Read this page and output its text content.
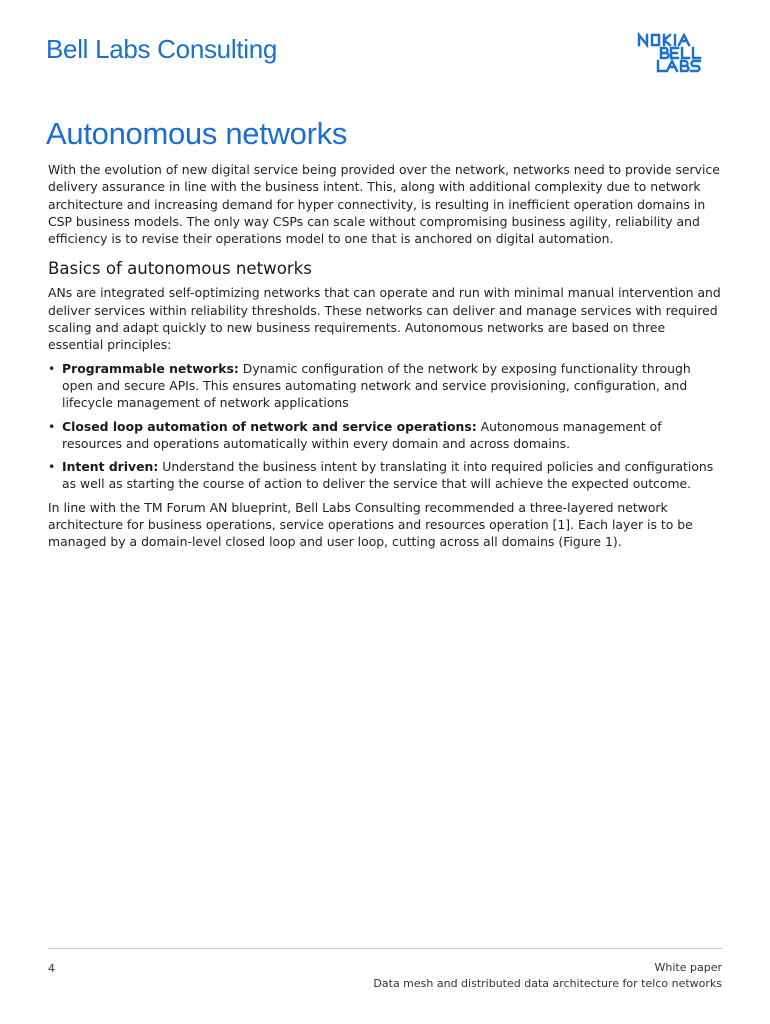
Bell Labs Consulting
Autonomous networks

With the evolution of new digital service being provided over the network, networks need to provide service delivery assurance in line with the business intent. This, along with additional complexity due to network architecture and increasing demand for hyper connectivity, is resulting in inefficient operation domains in CSP business models. The only way CSPs can scale without compromising business agility, reliability and efficiency is to revise their operations model to one that is anchored on digital automation.

Basics of autonomous networks

ANs are integrated self-optimizing networks that can operate and run with minimal manual intervention and deliver services within reliability thresholds. These networks can deliver and manage services with required scaling and adapt quickly to new business requirements. Autonomous networks are based on three essential principles:

• Programmable networks: Dynamic configuration of the network by exposing functionality through open and secure APIs. This ensures automating network and service provisioning, configuration, and lifecycle management of network applications
• Closed loop automation of network and service operations: Autonomous management of resources and operations automatically within every domain and across domains.
• Intent driven: Understand the business intent by translating it into required policies and configurations as well as starting the course of action to deliver the service that will achieve the expected outcome.

In line with the TM Forum AN blueprint, Bell Labs Consulting recommended a three-layered network architecture for business operations, service operations and resources operation [1]. Each layer is to be managed by a domain-level closed loop and user loop, cutting across all domains (Figure 1).

4	White paper
Data mesh and distributed data architecture for telco networks
